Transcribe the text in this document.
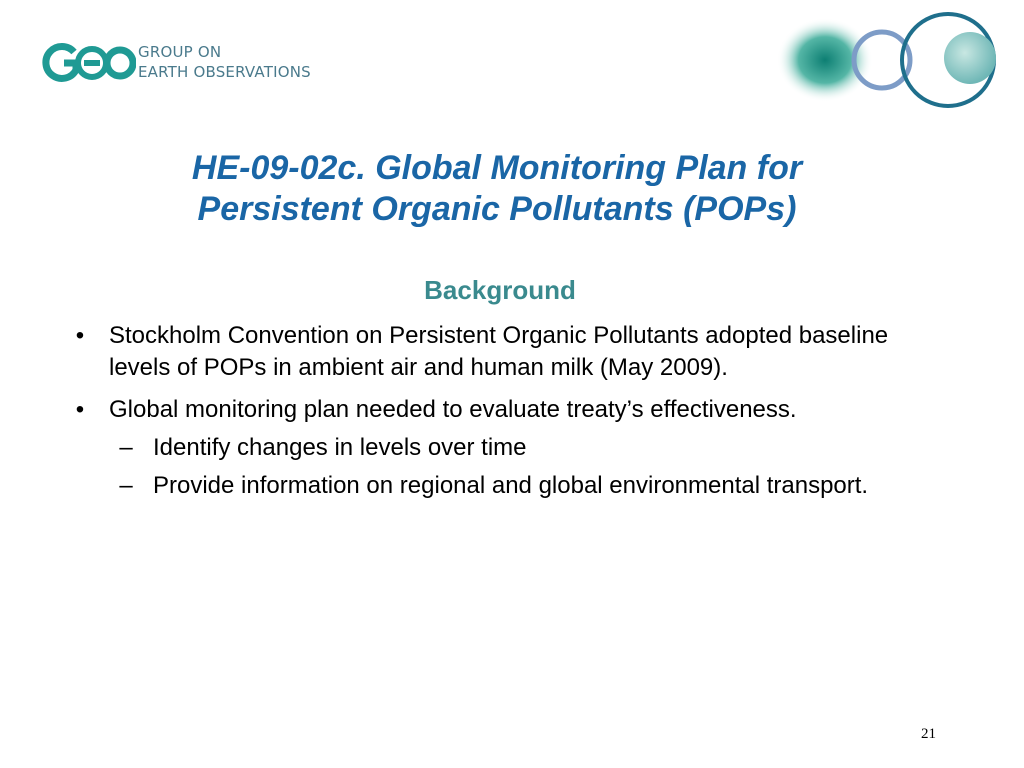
GROUP ON
EARTH OBSERVATIONS
HE-09-02c. Global Monitoring Plan for
Persistent Organic Pollutants (POPs)
Background
• Stockholm Convention on Persistent Organic Pollutants adopted baseline levels of POPs in ambient air and human milk (May 2009).
• Global monitoring plan needed to evaluate treaty’s effectiveness.
– Identify changes in levels over time
– Provide information on regional and global environmental transport.
21
